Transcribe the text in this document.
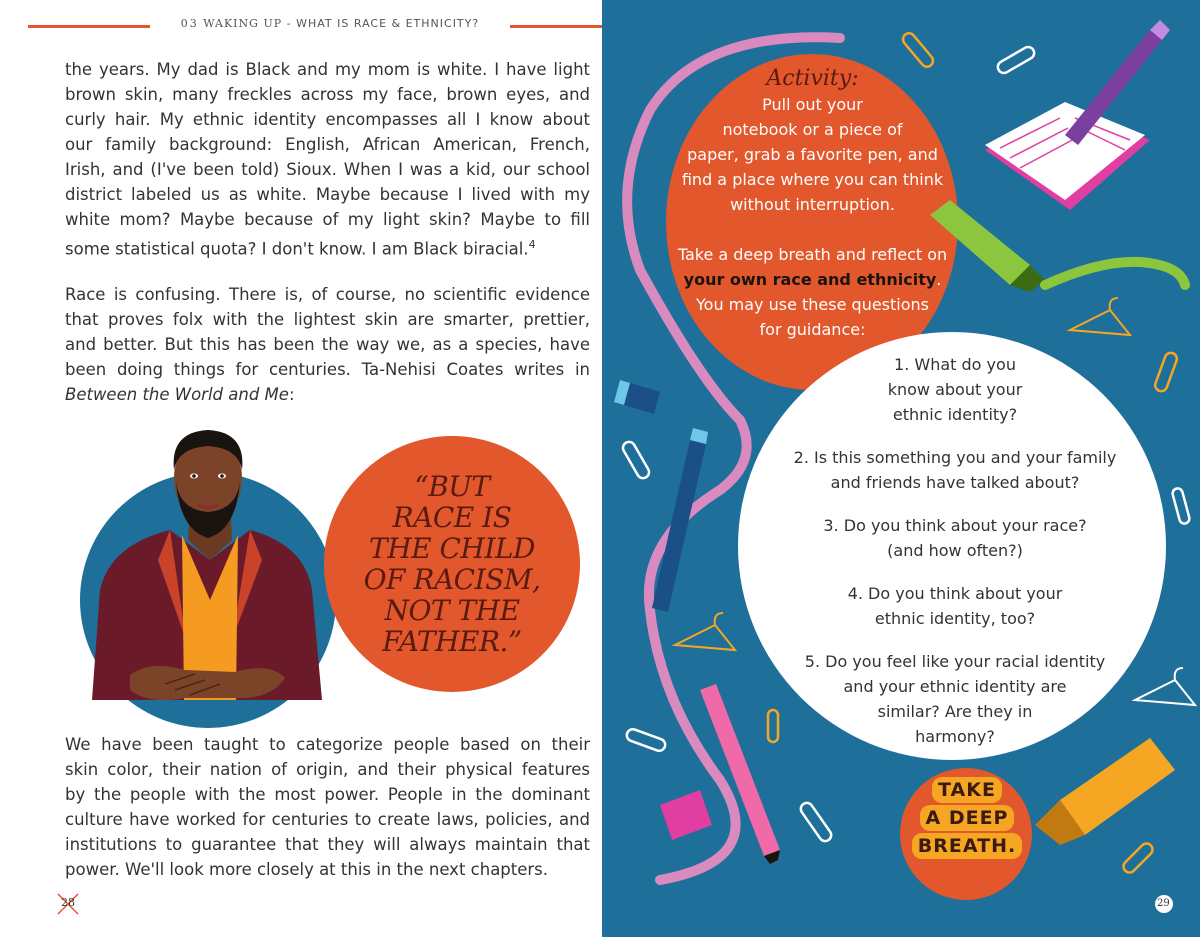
03 WAKING UP - WHAT IS RACE & ETHNICITY?
the years. My dad is Black and my mom is white. I have light
brown skin, many freckles across my face, brown eyes, and
curly hair. My ethnic identity encompasses all I know about
our family background: English, African American, French,
Irish, and (I've been told) Sioux. When I was a kid, our school
district labeled us as white. Maybe because I lived with my
white mom? Maybe because of my light skin? Maybe to fill
some statistical quota? I don't know. I am Black biracial.$^4$
Race is confusing. There is, of course, no scientific evidence
that proves folx with the lightest skin are smarter, prettier,
and better. But this has been the way we, as a species, have
been doing things for centuries. Ta-Nehisi Coates writes in
Between the World and Me:
“BUT
RACE IS
THE CHILD
OF RACISM,
NOT THE
FATHER.”
We have been taught to categorize people based on their
skin color, their nation of origin, and their physical features
by the people with the most power. People in the dominant
culture have worked for centuries to create laws, policies, and
institutions to guarantee that they will always maintain that
power. We'll look more closely at this in the next chapters.
28
Activity:
Pull out your
notebook or a piece of
paper, grab a favorite pen, and
find a place where you can think
without interruption.
Take a deep breath and reflect on
your own race and ethnicity.
You may use these questions
for guidance:

1. What do you
know about your
ethnic identity?

2. Is this something you and your family
and friends have talked about?

3. Do you think about your race?
(and how often?)

4. Do you think about your
ethnic identity, too?

5. Do you feel like your racial identity
and your ethnic identity are
similar? Are they in
harmony?

TAKE
A DEEP
BREATH.
29
